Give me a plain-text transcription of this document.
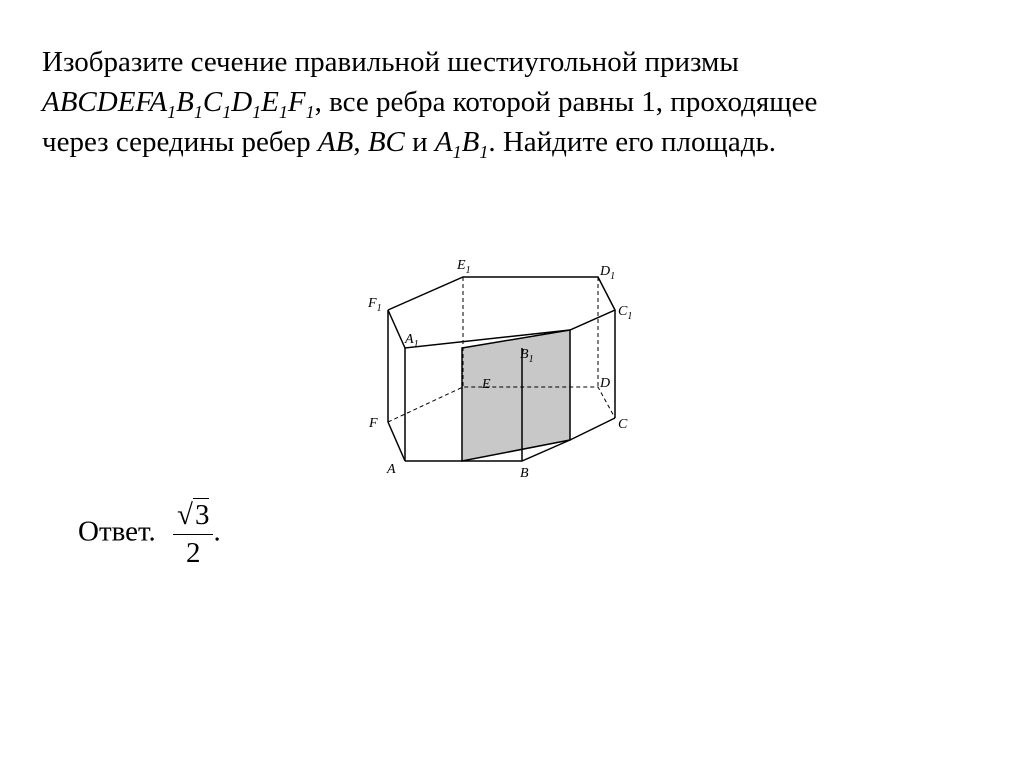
Изобразите сечение правильной шестиугольной призмы
$ABCDEFA_1B_1C_1D_1E_1F_1$, все ребра которой равны 1, проходящее
через середины ребер AB, BC и $A_1B_1$. Найдите его площадь.
A	B
C
D
E
F
$A_1$
$B_1$
$C_1$
$D_1$
$E_1$
$F_1$
Ответ. $\frac{√3}{2}$ .
